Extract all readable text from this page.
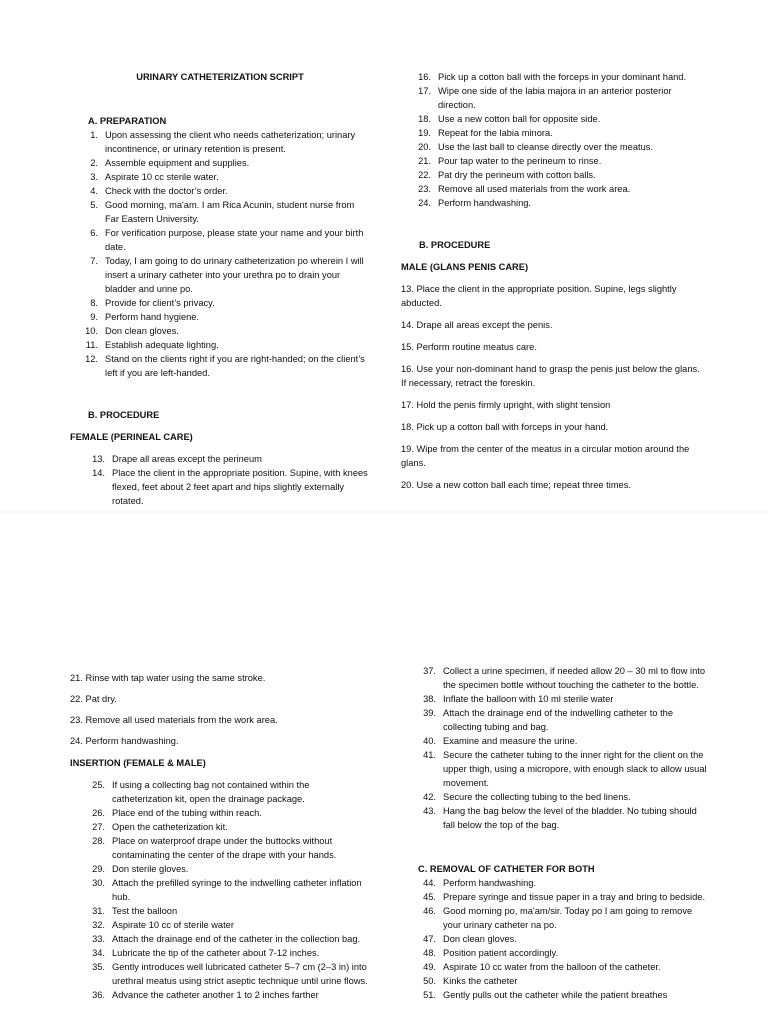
URINARY CATHETERIZATION SCRIPT
A. PREPARATION
1. Upon assessing the client who needs catheterization; urinary incontinence, or urinary retention is present.
2. Assemble equipment and supplies.
3. Aspirate 10 cc sterile water.
4. Check with the doctor’s order.
5. Good morning, ma'am. I am Rica Acunin, student nurse from Far Eastern University.
6. For verification purpose, please state your name and your birth date.
7. Today, I am going to do urinary catheterization po wherein I will insert a urinary catheter into your urethra po to drain your bladder and urine po.
8. Provide for client’s privacy.
9. Perform hand hygiene.
10. Don clean gloves.
11. Establish adequate lighting.
12. Stand on the clients right if you are right-handed; on the client’s left if you are left-handed.
B. PROCEDURE
FEMALE (PERINEAL CARE)
13. Drape all areas except the perineum
14. Place the client in the appropriate position. Supine, with knees flexed, feet about 2 feet apart and hips slightly externally rotated.
16. Pick up a cotton ball with the forceps in your dominant hand.
17. Wipe one side of the labia majora in an anterior posterior direction.
18. Use a new cotton ball for opposite side.
19. Repeat for the labia minora.
20. Use the last ball to cleanse directly over the meatus.
21. Pour tap water to the perineum to rinse.
22. Pat dry the perineum with cotton balls.
23. Remove all used materials from the work area.
24. Perform handwashing.
B. PROCEDURE
MALE (GLANS PENIS CARE)

13. Place the client in the appropriate position. Supine, legs slightly abducted.

14. Drape all areas except the penis.

15. Perform routine meatus care.

16. Use your non-dominant hand to grasp the penis just below the glans. If necessary, retract the foreskin.

17. Hold the penis firmly upright, with slight tension

18. Pick up a cotton ball with forceps in your hand.

19. Wipe from the center of the meatus in a circular motion around the glans.

20. Use a new cotton ball each time; repeat three times.

21. Rinse with tap water using the same stroke.

22. Pat dry.

23. Remove all used materials from the work area.

24. Perform handwashing.

INSERTION (FEMALE & MALE)
25. If using a collecting bag not contained within the catheterization kit, open the drainage package.
26. Place end of the tubing within reach.
27. Open the catheterization kit.
28. Place on waterproof drape under the buttocks without contaminating the center of the drape with your hands.
29. Don sterile gloves.
30. Attach the prefilled syringe to the indwelling catheter inflation hub.
31. Test the balloon
32. Aspirate 10 cc of sterile water
33. Attach the drainage end of the catheter in the collection bag.
34. Lubricate the tip of the catheter about 7-12 inches.
35. Gently introduces well lubricated catheter 5–7 cm (2–3 in) into urethral meatus using strict aseptic technique until urine flows.
36. Advance the catheter another 1 to 2 inches farther
37. Collect a urine specimen, if needed allow 20 – 30 ml to flow into the specimen bottle without touching the catheter to the bottle.
38. Inflate the balloon with 10 ml sterile water
39. Attach the drainage end of the indwelling catheter to the collecting tubing and bag.
40. Examine and measure the urine.
41. Secure the catheter tubing to the inner right for the client on the upper thigh, using a micropore, with enough slack to allow usual movement.
42. Secure the collecting tubing to the bed linens.
43. Hang the bag below the level of the bladder. No tubing should fall below the top of the bag.
C. REMOVAL OF CATHETER FOR BOTH
44. Perform handwashing.
45. Prepare syringe and tissue paper in a tray and bring to bedside.
46. Good morning po, ma'am/sir. Today po I am going to remove your urinary catheter na po.
47. Don clean gloves.
48. Position patient accordingly.
49. Aspirate 10 cc water from the balloon of the catheter.
50. Kinks the catheter
51. Gently pulls out the catheter while the patient breathes
